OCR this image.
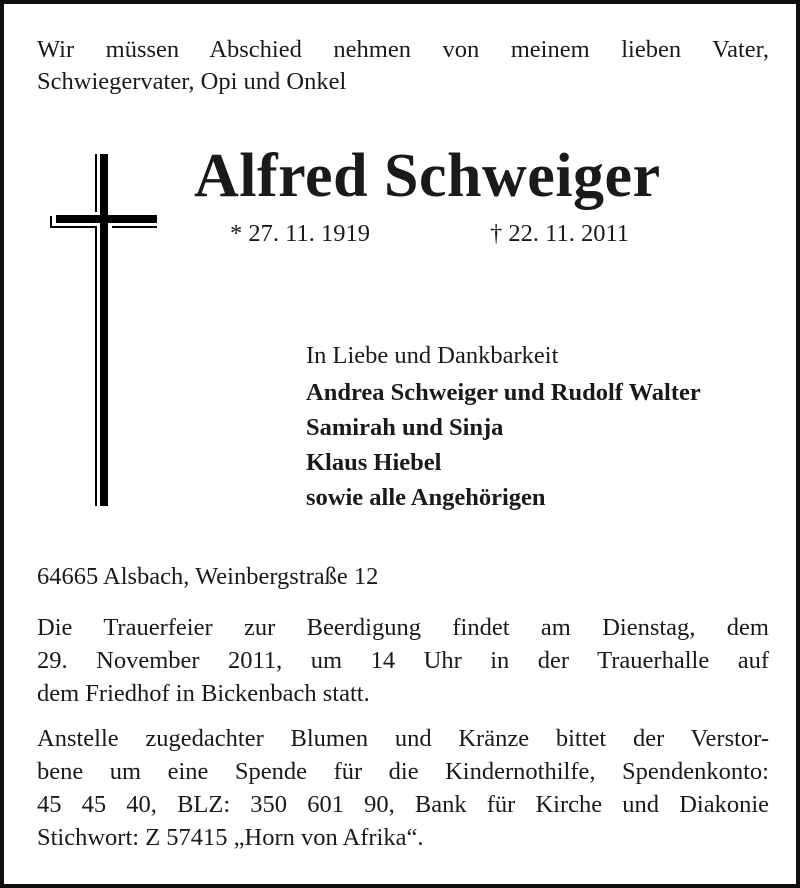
Wir müssen Abschied nehmen von meinem lieben Vater,
Schwiegervater, Opi und Onkel
Alfred Schweiger
* 27. 11. 1919	† 22. 11. 2011
In Liebe und Dankbarkeit
Andrea Schweiger und Rudolf Walter
Samirah und Sinja
Klaus Hiebel
sowie alle Angehörigen
64665 Alsbach, Weinbergstraße 12
Die Trauerfeier zur Beerdigung findet am Dienstag, dem
29. November 2011, um 14 Uhr in der Trauerhalle auf
dem Friedhof in Bickenbach statt.
Anstelle zugedachter Blumen und Kränze bittet der Verstor-
bene um eine Spende für die Kindernothilfe, Spendenkonto:
45 45 40, BLZ: 350 601 90, Bank für Kirche und Diakonie
Stichwort: Z 57415 „Horn von Afrika“.
